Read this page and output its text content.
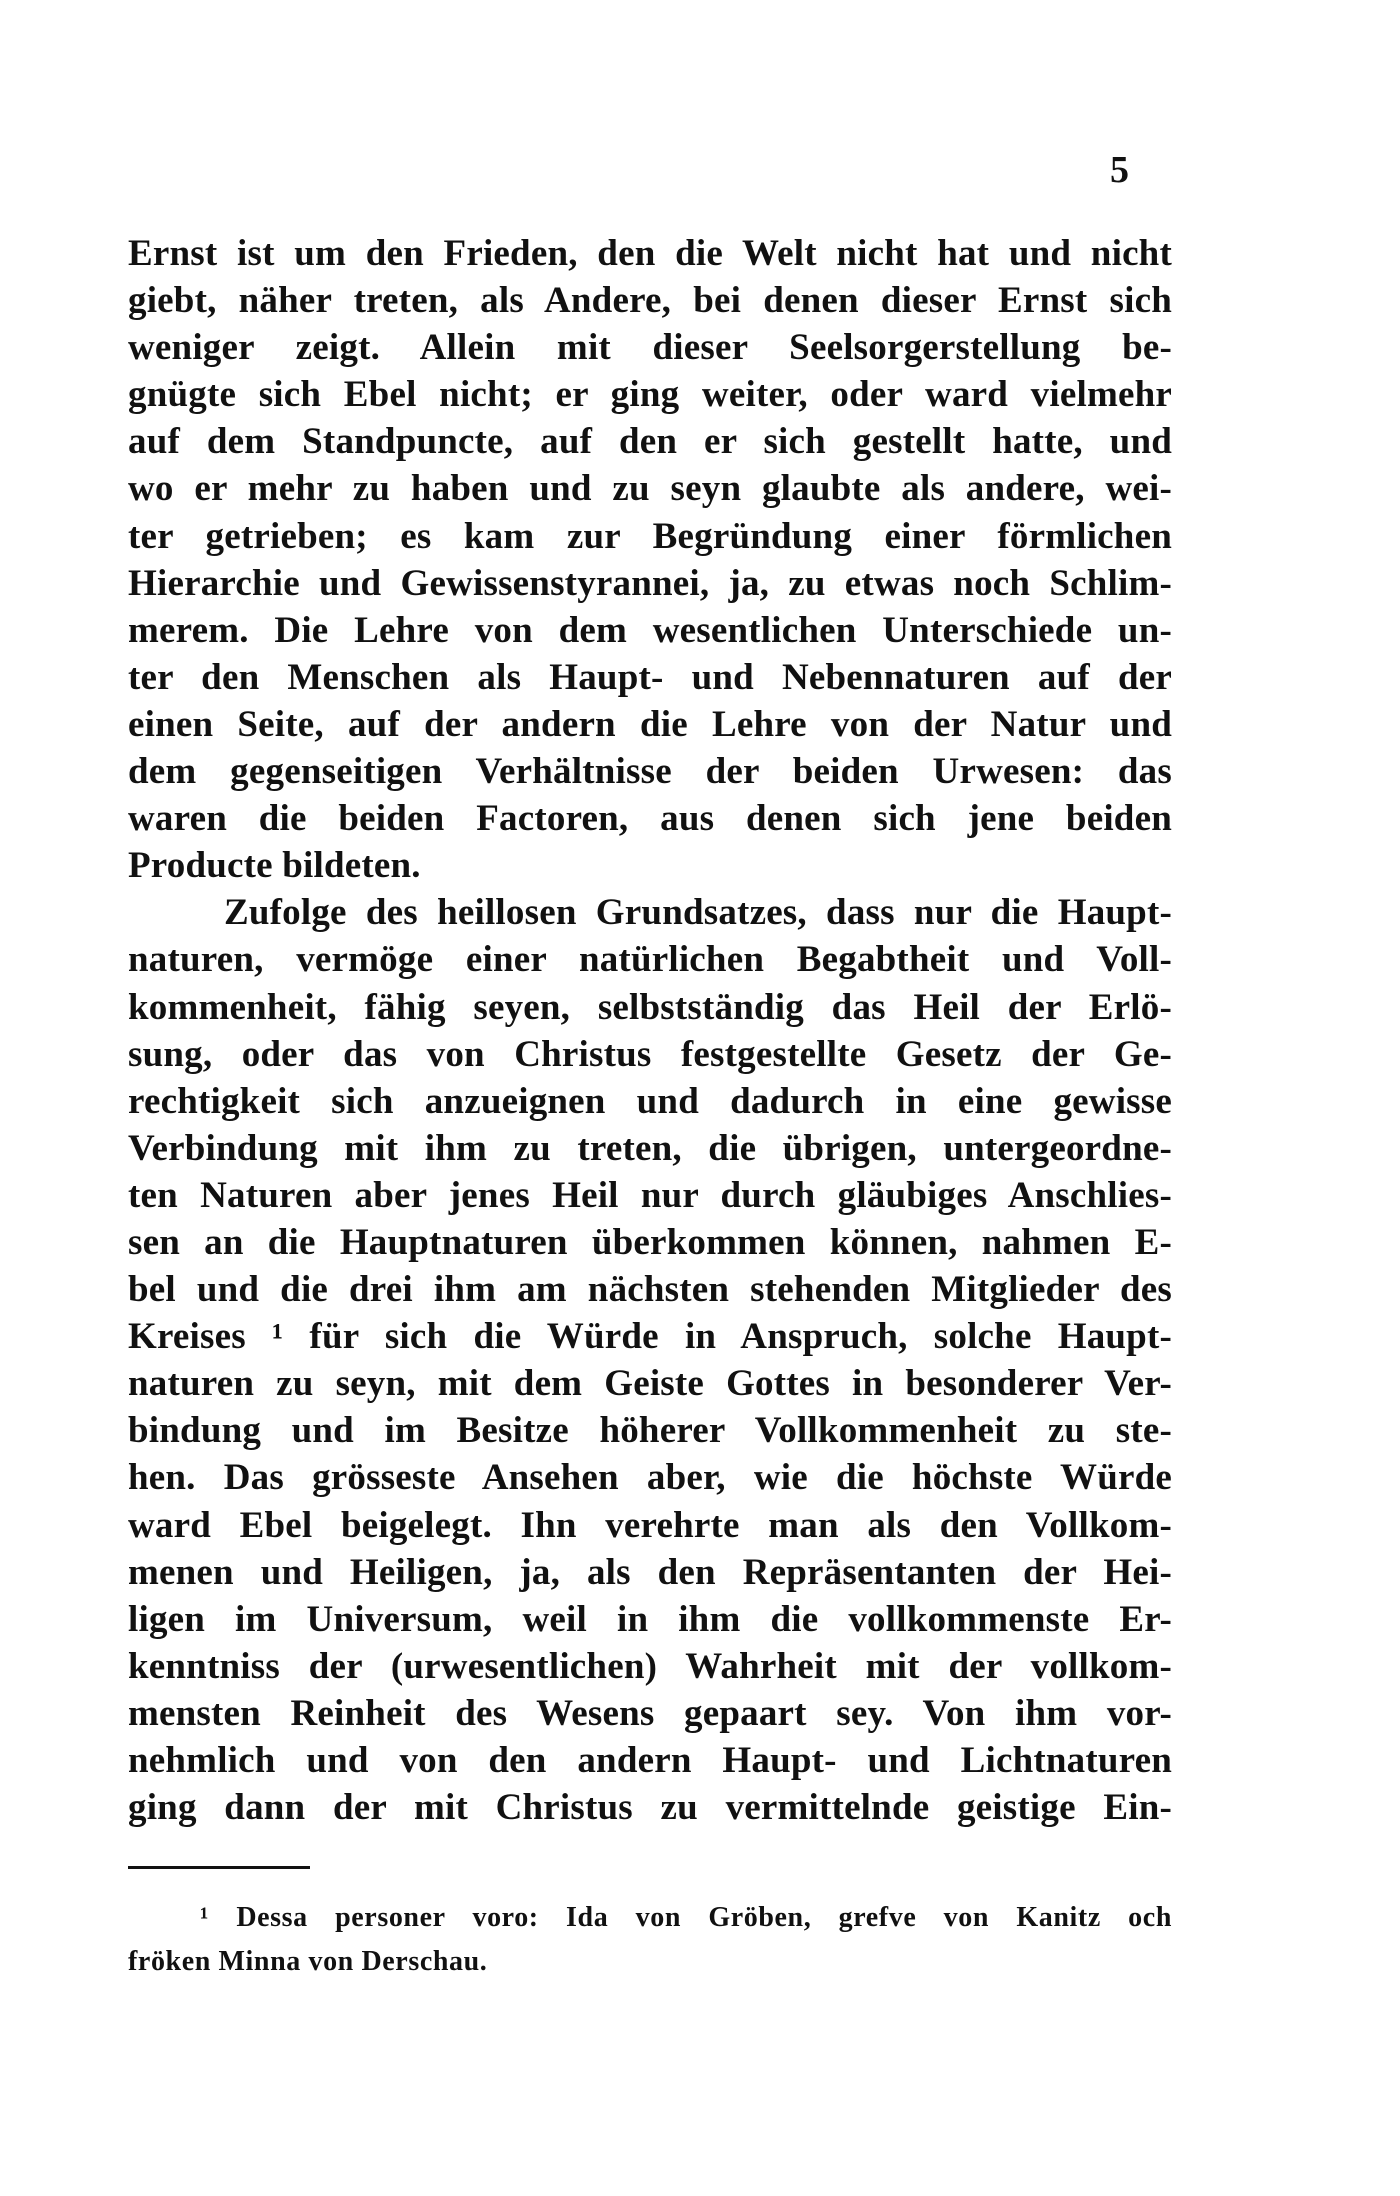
5
Ernst ist um den Frieden, den die Welt nicht hat und nicht
giebt, näher treten, als Andere, bei denen dieser Ernst sich
weniger zeigt. Allein mit dieser Seelsorgerstellung be-
gnügte sich Ebel nicht; er ging weiter, oder ward vielmehr
auf dem Standpuncte, auf den er sich gestellt hatte, und
wo er mehr zu haben und zu seyn glaubte als andere, wei-
ter getrieben; es kam zur Begründung einer förmlichen
Hierarchie und Gewissenstyrannei, ja, zu etwas noch Schlim-
merem. Die Lehre von dem wesentlichen Unterschiede un-
ter den Menschen als Haupt- und Nebennaturen auf der
einen Seite, auf der andern die Lehre von der Natur und
dem gegenseitigen Verhältnisse der beiden Urwesen: das
waren die beiden Factoren, aus denen sich jene beiden
Producte bildeten.
Zufolge des heillosen Grundsatzes, dass nur die Haupt-
naturen, vermöge einer natürlichen Begabtheit und Voll-
kommenheit, fähig seyen, selbstständig das Heil der Erlö-
sung, oder das von Christus festgestellte Gesetz der Ge-
rechtigkeit sich anzueignen und dadurch in eine gewisse
Verbindung mit ihm zu treten, die übrigen, untergeordne-
ten Naturen aber jenes Heil nur durch gläubiges Anschlies-
sen an die Hauptnaturen überkommen können, nahmen E-
bel und die drei ihm am nächsten stehenden Mitglieder des
Kreises ¹ für sich die Würde in Anspruch, solche Haupt-
naturen zu seyn, mit dem Geiste Gottes in besonderer Ver-
bindung und im Besitze höherer Vollkommenheit zu ste-
hen. Das grösseste Ansehen aber, wie die höchste Würde
ward Ebel beigelegt. Ihn verehrte man als den Vollkom-
menen und Heiligen, ja, als den Repräsentanten der Hei-
ligen im Universum, weil in ihm die vollkommenste Er-
kenntniss der (urwesentlichen) Wahrheit mit der vollkom-
mensten Reinheit des Wesens gepaart sey. Von ihm vor-
nehmlich und von den andern Haupt- und Lichtnaturen
ging dann der mit Christus zu vermittelnde geistige Ein-
¹ Dessa personer voro: Ida von Gröben, grefve von Kanitz och
fröken Minna von Derschau.
